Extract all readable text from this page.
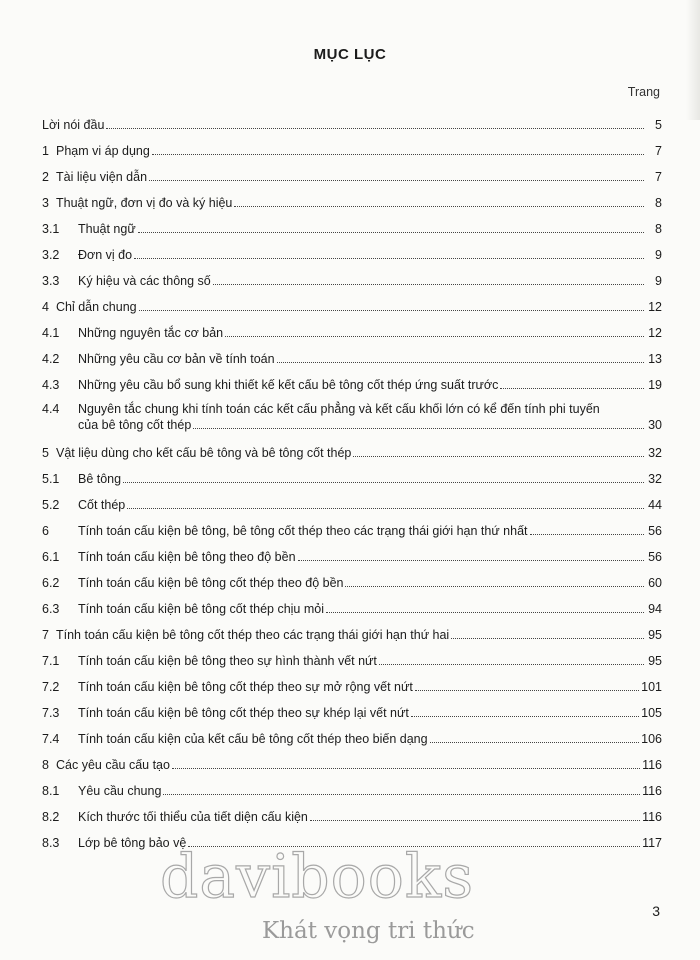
MỤC LỤC
Trang
Lời nói đầu	5
1 Phạm vi áp dụng	7
2 Tài liệu viện dẫn	7
3 Thuật ngữ, đơn vị đo và ký hiệu	8
3.1	Thuật ngữ	8
3.2	Đơn vị đo	9
3.3	Ký hiệu và các thông số	9
4 Chỉ dẫn chung	12
4.1	Những nguyên tắc cơ bản	12
4.2	Những yêu cầu cơ bản về tính toán	13
4.3	Những yêu cầu bổ sung khi thiết kế kết cấu bê tông cốt thép ứng suất trước	19
4.4	Nguyên tắc chung khi tính toán các kết cấu phẳng và kết cấu khối lớn có kể đến tính phi tuyến
của bê tông cốt thép	30
5 Vật liệu dùng cho kết cấu bê tông và bê tông cốt thép	32
5.1	Bê tông	32
5.2	Cốt thép	44
6	Tính toán cấu kiện bê tông, bê tông cốt thép theo các trạng thái giới hạn thứ nhất	56
6.1	Tính toán cấu kiện bê tông theo độ bền	56
6.2	Tính toán cấu kiện bê tông cốt thép theo độ bền	60
6.3	Tính toán cấu kiện bê tông cốt thép chịu mỏi	94
7 Tính toán cấu kiện bê tông cốt thép theo các trạng thái giới hạn thứ hai	95
7.1	Tính toán cấu kiện bê tông theo sự hình thành vết nứt	95
7.2	Tính toán cấu kiện bê tông cốt thép theo sự mở rộng vết nứt	101
7.3	Tính toán cấu kiện bê tông cốt thép theo sự khép lại vết nứt	105
7.4	Tính toán cấu kiện của kết cấu bê tông cốt thép theo biến dạng	106
8 Các yêu cầu cấu tạo	116
8.1	Yêu cầu chung	116
8.2	Kích thước tối thiểu của tiết diện cấu kiện	116
8.3	Lớp bê tông bảo vệ	117
3
davibooks
Khát vọng tri thức
